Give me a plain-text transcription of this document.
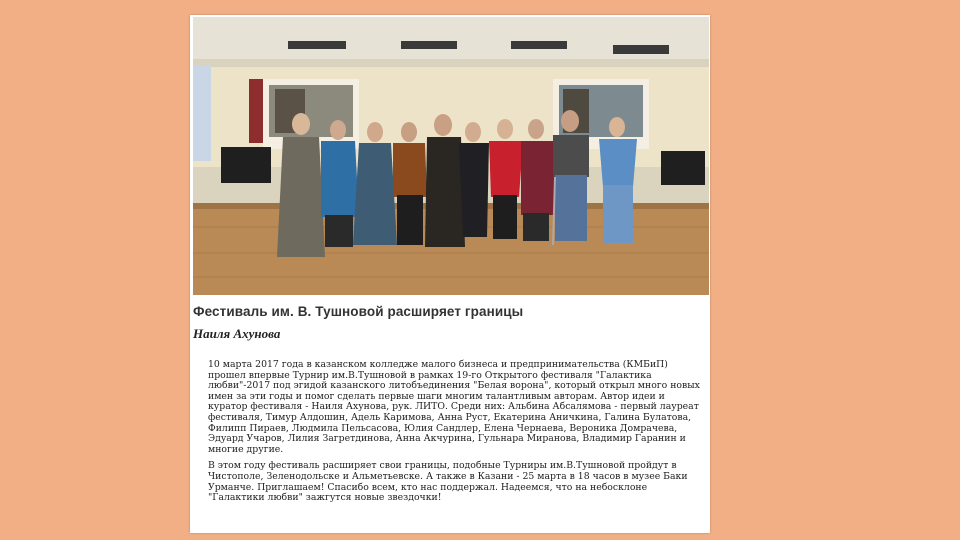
Фестиваль им. В. Тушновой расширяет границы
Наиля Ахунова

10 марта 2017 года в казанском колледже малого бизнеса и предпринимательства (КМБиП) прошел впервые Турнир им.В.Тушновой в рамках 19-го Открытого фестиваля "Галактика любви"-2017 под эгидой казанского литобъединения "Белая ворона", который открыл много новых имен за эти годы и помог сделать первые шаги многим талантливым авторам. Автор идеи и куратор фестиваля - Наиля Ахунова, рук. ЛИТО. Среди них: Альбина Абсалямова - первый лауреат фестиваля, Тимур Алдошин, Адель Каримова, Анна Руст, Екатерина Аничкина, Галина Булатова, Филипп Пираев, Людмила Пельсасова, Юлия Сандлер, Елена Чернаева, Вероника Домрачева, Эдуард Учаров, Лилия Загретдинова, Анна Акчурина, Гульнара Миранова, Владимир Гаранин и многие другие.

В этом году фестиваль расширяет свои границы, подобные Турниры им.В.Тушновой пройдут в Чистополе, Зеленодольске и Альметьевске. А также в Казани - 25 марта в 18 часов в музее Баки Урманче. Приглашаем! Спасибо всем, кто нас поддержал. Надеемся, что на небосклоне "Галактики любви" зажгутся новые звездочки!
